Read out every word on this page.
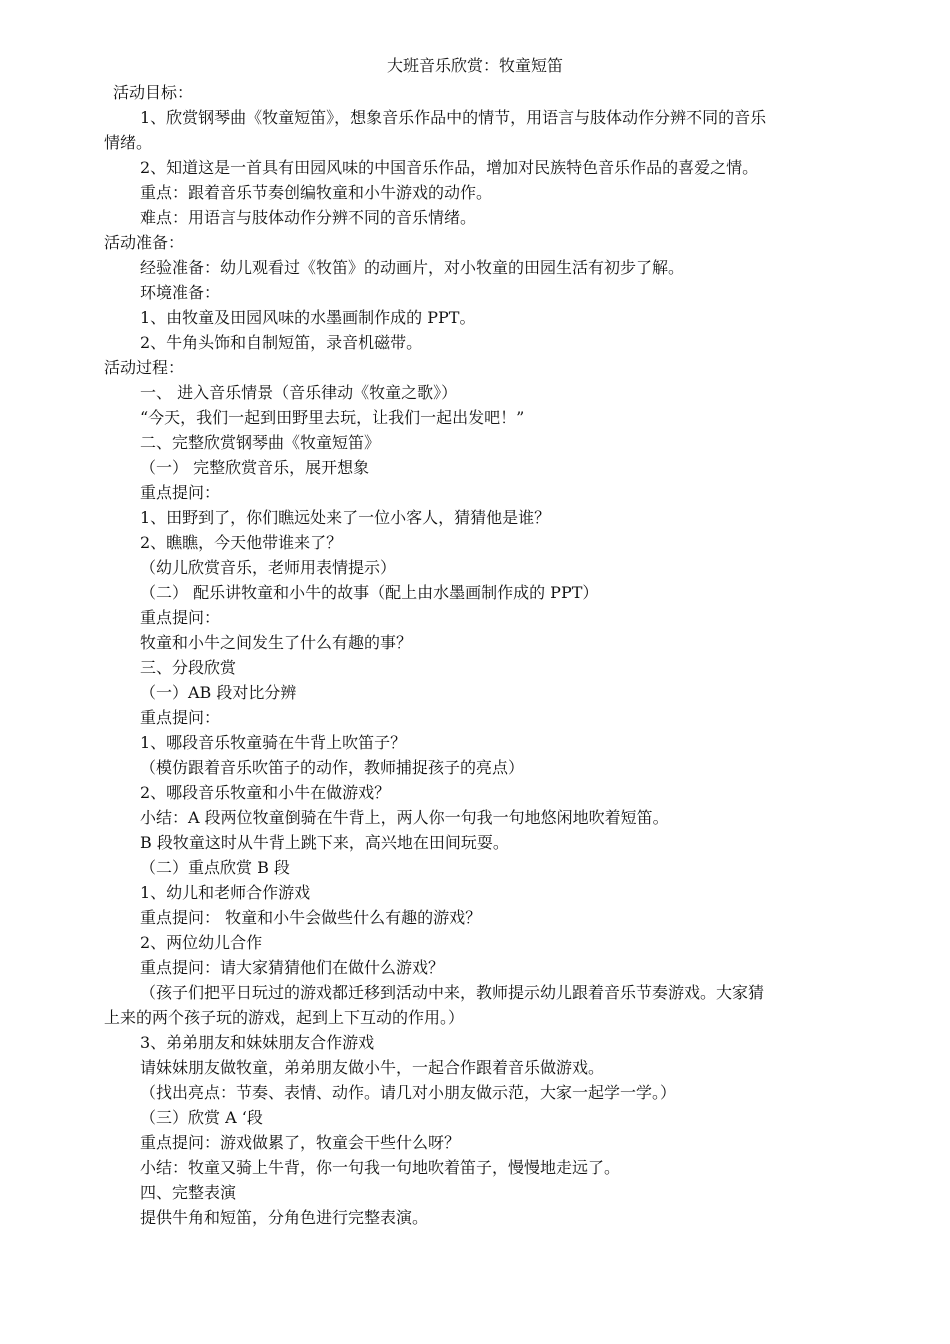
大班音乐欣赏：牧童短笛
活动目标：
1、欣赏钢琴曲《牧童短笛》，想象音乐作品中的情节，用语言与肢体动作分辨不同的音乐
情绪。
2、知道这是一首具有田园风味的中国音乐作品，增加对民族特色音乐作品的喜爱之情。
重点：跟着音乐节奏创编牧童和小牛游戏的动作。
难点：用语言与肢体动作分辨不同的音乐情绪。
活动准备：
经验准备：幼儿观看过《牧笛》的动画片，对小牧童的田园生活有初步了解。
环境准备：
1、由牧童及田园风味的水墨画制作成的 PPT。
2、牛角头饰和自制短笛，录音机磁带。
活动过程：
一、 进入音乐情景（音乐律动《牧童之歌》）
“今天，我们一起到田野里去玩，让我们一起出发吧！”
二、完整欣赏钢琴曲《牧童短笛》
（一） 完整欣赏音乐，展开想象
重点提问：
1、田野到了，你们瞧远处来了一位小客人，猜猜他是谁？
2、瞧瞧，今天他带谁来了？
（幼儿欣赏音乐，老师用表情提示）
（二） 配乐讲牧童和小牛的故事（配上由水墨画制作成的 PPT）
重点提问：
牧童和小牛之间发生了什么有趣的事？
三、分段欣赏
（一）AB 段对比分辨
重点提问：
1、哪段音乐牧童骑在牛背上吹笛子？
（模仿跟着音乐吹笛子的动作，教师捕捉孩子的亮点）
2、哪段音乐牧童和小牛在做游戏？
小结：A 段两位牧童倒骑在牛背上，两人你一句我一句地悠闲地吹着短笛。
B 段牧童这时从牛背上跳下来，高兴地在田间玩耍。
（二）重点欣赏 B 段
1、幼儿和老师合作游戏
重点提问： 牧童和小牛会做些什么有趣的游戏？
2、两位幼儿合作
重点提问：请大家猜猜他们在做什么游戏？
（孩子们把平日玩过的游戏都迁移到活动中来，教师提示幼儿跟着音乐节奏游戏。大家猜
上来的两个孩子玩的游戏，起到上下互动的作用。）
3、弟弟朋友和妹妹朋友合作游戏
请妹妹朋友做牧童，弟弟朋友做小牛，一起合作跟着音乐做游戏。
（找出亮点：节奏、表情、动作。请几对小朋友做示范，大家一起学一学。）
（三）欣赏 A ‘段
重点提问：游戏做累了，牧童会干些什么呀？
小结：牧童又骑上牛背，你一句我一句地吹着笛子，慢慢地走远了。
四、完整表演
提供牛角和短笛，分角色进行完整表演。
